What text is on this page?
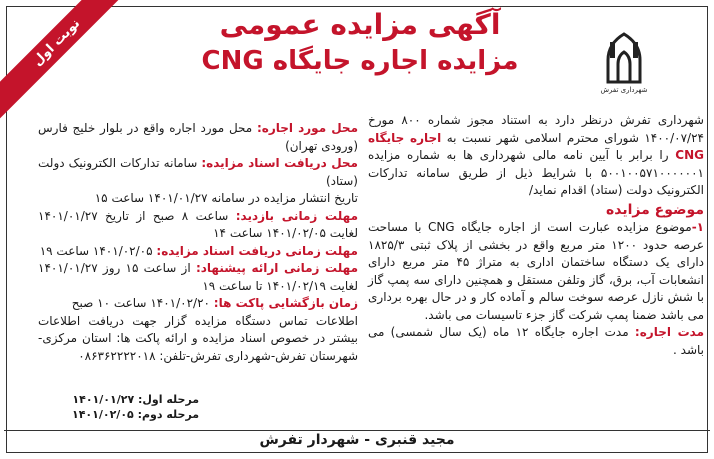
نوبت اول
شهرداری تفرش
آگهی مزایده عمومی
مزایده اجاره جایگاه CNG

شهرداری تفرش درنظر دارد به استناد مجوز شماره ۸۰۰ مورخ ۱۴۰۰/۰۷/۲۴ شورای محترم اسلامی شهر نسبت به اجاره جایگاه CNG را برابر با آیین نامه مالی شهرداری ها به شماره مزایده ۵۰۰۱۰۰۵۷۱۰۰۰۰۰۰۱ با شرایط ذیل از طریق سامانه تدارکات الکترونیک دولت (ستاد) اقدام نماید/

موضوع مزایده

۱-موضوع مزایده عبارت است از اجاره جایگاه CNG با مساحت عرصه حدود ۱۲۰۰ متر مربع واقع در بخشی از پلاک ثبتی ۱۸۲۵/۳ دارای یک دستگاه ساختمان اداری به متراژ ۴۵ متر مربع دارای انشعابات آب، برق، گاز وتلفن مستقل و همچنین دارای سه پمپ گاز با شش نازل عرصه سوخت سالم و آماده کار و در حال بهره برداری می باشد ضمنا پمپ شرکت گاز جزء تاسیسات می باشد.

مدت اجاره: مدت اجاره جایگاه ۱۲ ماه (یک سال شمسی) می باشد .

محل مورد اجاره: محل مورد اجاره واقع در بلوار خلیج فارس (ورودی تهران)

محل دریافت اسناد مزایده: سامانه تدارکات الکترونیک دولت (ستاد)

تاریخ انتشار مزایده در سامانه ۱۴۰۱/۰۱/۲۷ ساعت ۱۵

مهلت زمانی بازدید: ساعت ۸ صبح از تاریخ ۱۴۰۱/۰۱/۲۷ لغایت ۱۴۰۱/۰۲/۰۵ ساعت ۱۴

مهلت زمانی دریافت اسناد مزایده: ۱۴۰۱/۰۲/۰۵ ساعت ۱۹

مهلت زمانی ارائه پیشنهاد: از ساعت ۱۵ روز ۱۴۰۱/۰۱/۲۷ لغایت ۱۴۰۱/۰۲/۱۹ تا ساعت ۱۹

زمان بازگشایی پاکت ها: ۱۴۰۱/۰۲/۲۰ ساعت ۱۰ صبح

اطلاعات تماس دستگاه مزایده گزار جهت دریافت اطلاعات بیشتر در خصوص اسناد مزایده و ارائه پاکت ها: استان مرکزی-شهرستان تفرش-شهرداری تفرش-تلفن: ۰۸۶۳۶۲۲۲۲۰۱۸

مرحله اول: ۱۴۰۱/۰۱/۲۷
مرحله دوم: ۱۴۰۱/۰۲/۰۵
مجید قنبری - شهردار تفرش
